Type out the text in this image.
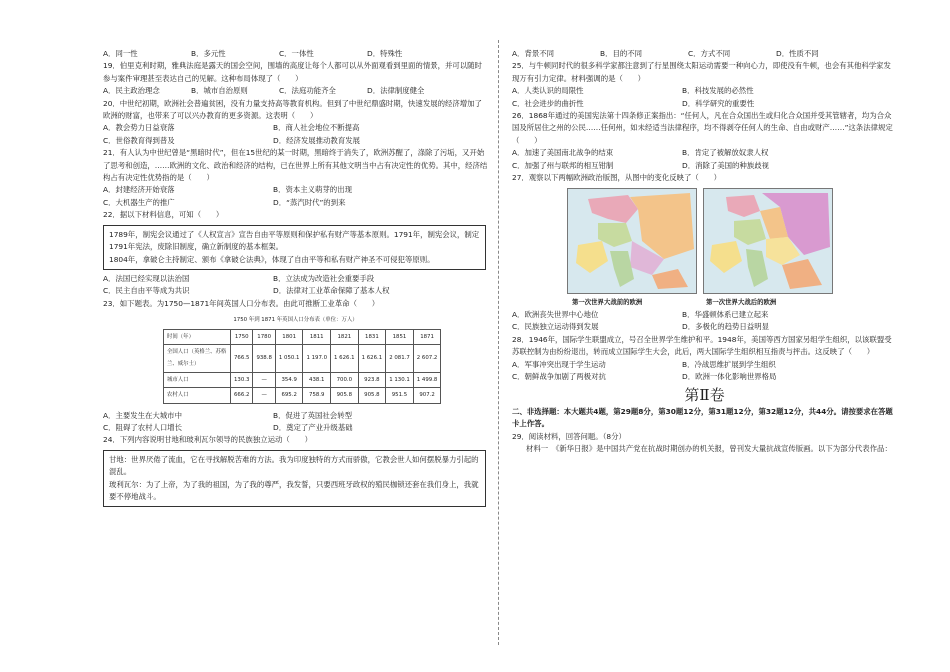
A．同一性	B．多元性	C．一体性	D．特殊性

19．伯里克利时期，雅典法庭是露天的国会空间，围墙的高度让每个人都可以从外面观看到里面的情景，并可以随时参与案件审理甚至表达自己的见解。这种布局体现了（　　）

A．民主政治理念	B．城市自治原则	C．法庭功能齐全	D．法律制度健全

20．中世纪初期，欧洲社会普遍贫困，没有力量支持高等教育机构。但到了中世纪鼎盛时期，快速发展的经济增加了欧洲的财富，也带来了可以兴办教育的更多资源。这表明（　　）

A．教会势力日益衰落	B．商人社会地位不断提高
C．世俗教育得到普及	D．经济发展推动教育发展

21．有人认为中世纪曾是“黑暗时代”，但在15世纪的某一时期，黑暗终于消失了，欧洲苏醒了，涤除了污垢，又开始了思考和创造，……欧洲的文化、政治和经济的结构，已在世界上所有其他文明当中占有决定性的优势。其中，经济结构占有决定性优势指的是（　　）

A．封建经济开始衰落	B．资本主义萌芽的出现
C．大机器生产的推广	D．“蒸汽时代”的到来

22．据以下材料信息，可知（　　）

1789年，制宪会议通过了《人权宣言》宣告自由平等原则和保护私有财产等基本原则。1791年，制宪会议，制定1791年宪法，废除旧制度，确立新制度的基本框架。

1804年，拿破仑主持制定、颁布《拿破仑法典》，体现了自由平等和私有财产神圣不可侵犯等原则。

A．法国已经实现以法治国	B．立法成为改造社会重要手段
C．民主自由平等成为共识	D．法律对工业革命保障了基本人权

23．如下题表。为1750—1871年间英国人口分布表。由此可推断工业革命（　　）

1750 年到 1871 年英国人口分布表（单位：万人）
时间（年）	1750	1780	1801	1811	1821	1831	1851	1871
全国人口（英格兰、苏格兰、威尔士）	766.5	938.8	1 050.1	1 197.0	1 626.1	1 626.1	2 081.7	2 607.2
城市人口	130.3	—	354.9	438.1	700.0	923.8	1 130.1	1 499.8
农村人口	666.2	—	695.2	758.9	905.8	905.8	951.5	907.2
A．主要发生在大城市中	B．促进了英国社会转型
C．阻碍了农村人口增长	D．奠定了产业升级基础

24．下列内容说明甘地和玻利瓦尔领导的民族独立运动（　　）

甘地：世界厌倦了流血，它在寻找解脱苦难的方法。我为印度独特的方式而骄傲，它教会世人如何摆脱暴力引起的混乱。

玻利瓦尔：为了上帝，为了我的祖国，为了我的尊严，我发誓，只要西班牙政权的殖民枷锁还套在我们身上，我就要不停地战斗。

A．背景不同	B．目的不同	C．方式不同	D．性质不同

25．与牛顿同时代的很多科学家都注意到了行星围绕太阳运动需要一种向心力，即使没有牛顿，也会有其他科学家发现万有引力定律。材料强调的是（　　）

A．人类认识的局限性	B．科技发展的必然性
C．社会进步的曲折性	D．科学研究的重要性

26．1868年通过的美国宪法第十四条修正案指出：“任何人，凡在合众国出生或归化合众国并受其管辖者，均为合众国及所居住之州的公民……任何州，如未经适当法律程序，均不得剥夺任何人的生命、自由或财产……”这条法律规定（　　）

A．加速了美国南北战争的结束	B．肯定了被解放奴隶人权
C．加强了州与联邦的相互钳制	D．消除了美国的种族歧视

27．观察以下两幅欧洲政治版图，从图中的变化反映了（　　）

第一次世界大战前的欧洲	第一次世界大战后的欧洲
A．欧洲丧失世界中心地位	B．华盛顿体系已建立起来
C．民族独立运动得到发展	D．多极化的趋势日益明显

28．1946年，国际学生联盟成立，号召全世界学生维护和平。1948年，美国等西方国家另组学生组织，以该联盟受苏联控制为由纷纷退出，转而成立国际学生大会，此后，两大国际学生组织相互指责与抨击。这反映了（　　）

A．军事冲突出现于学生运动	B．冷战思维扩展到学生组织
C．朝鲜战争加剧了两极对抗	D．欧洲一体化影响世界格局
第Ⅱ卷

二、非选择题：本大题共4题，第29题8分，第30题12分，第31题12分，第32题12分，共44分。请按要求在答题卡上作答。

29．阅读材料，回答问题。（8分）

材料一　《新华日报》是中国共产党在抗战时期创办的机关报，曾刊发大量抗战宣传版画。以下为部分代表作品：
